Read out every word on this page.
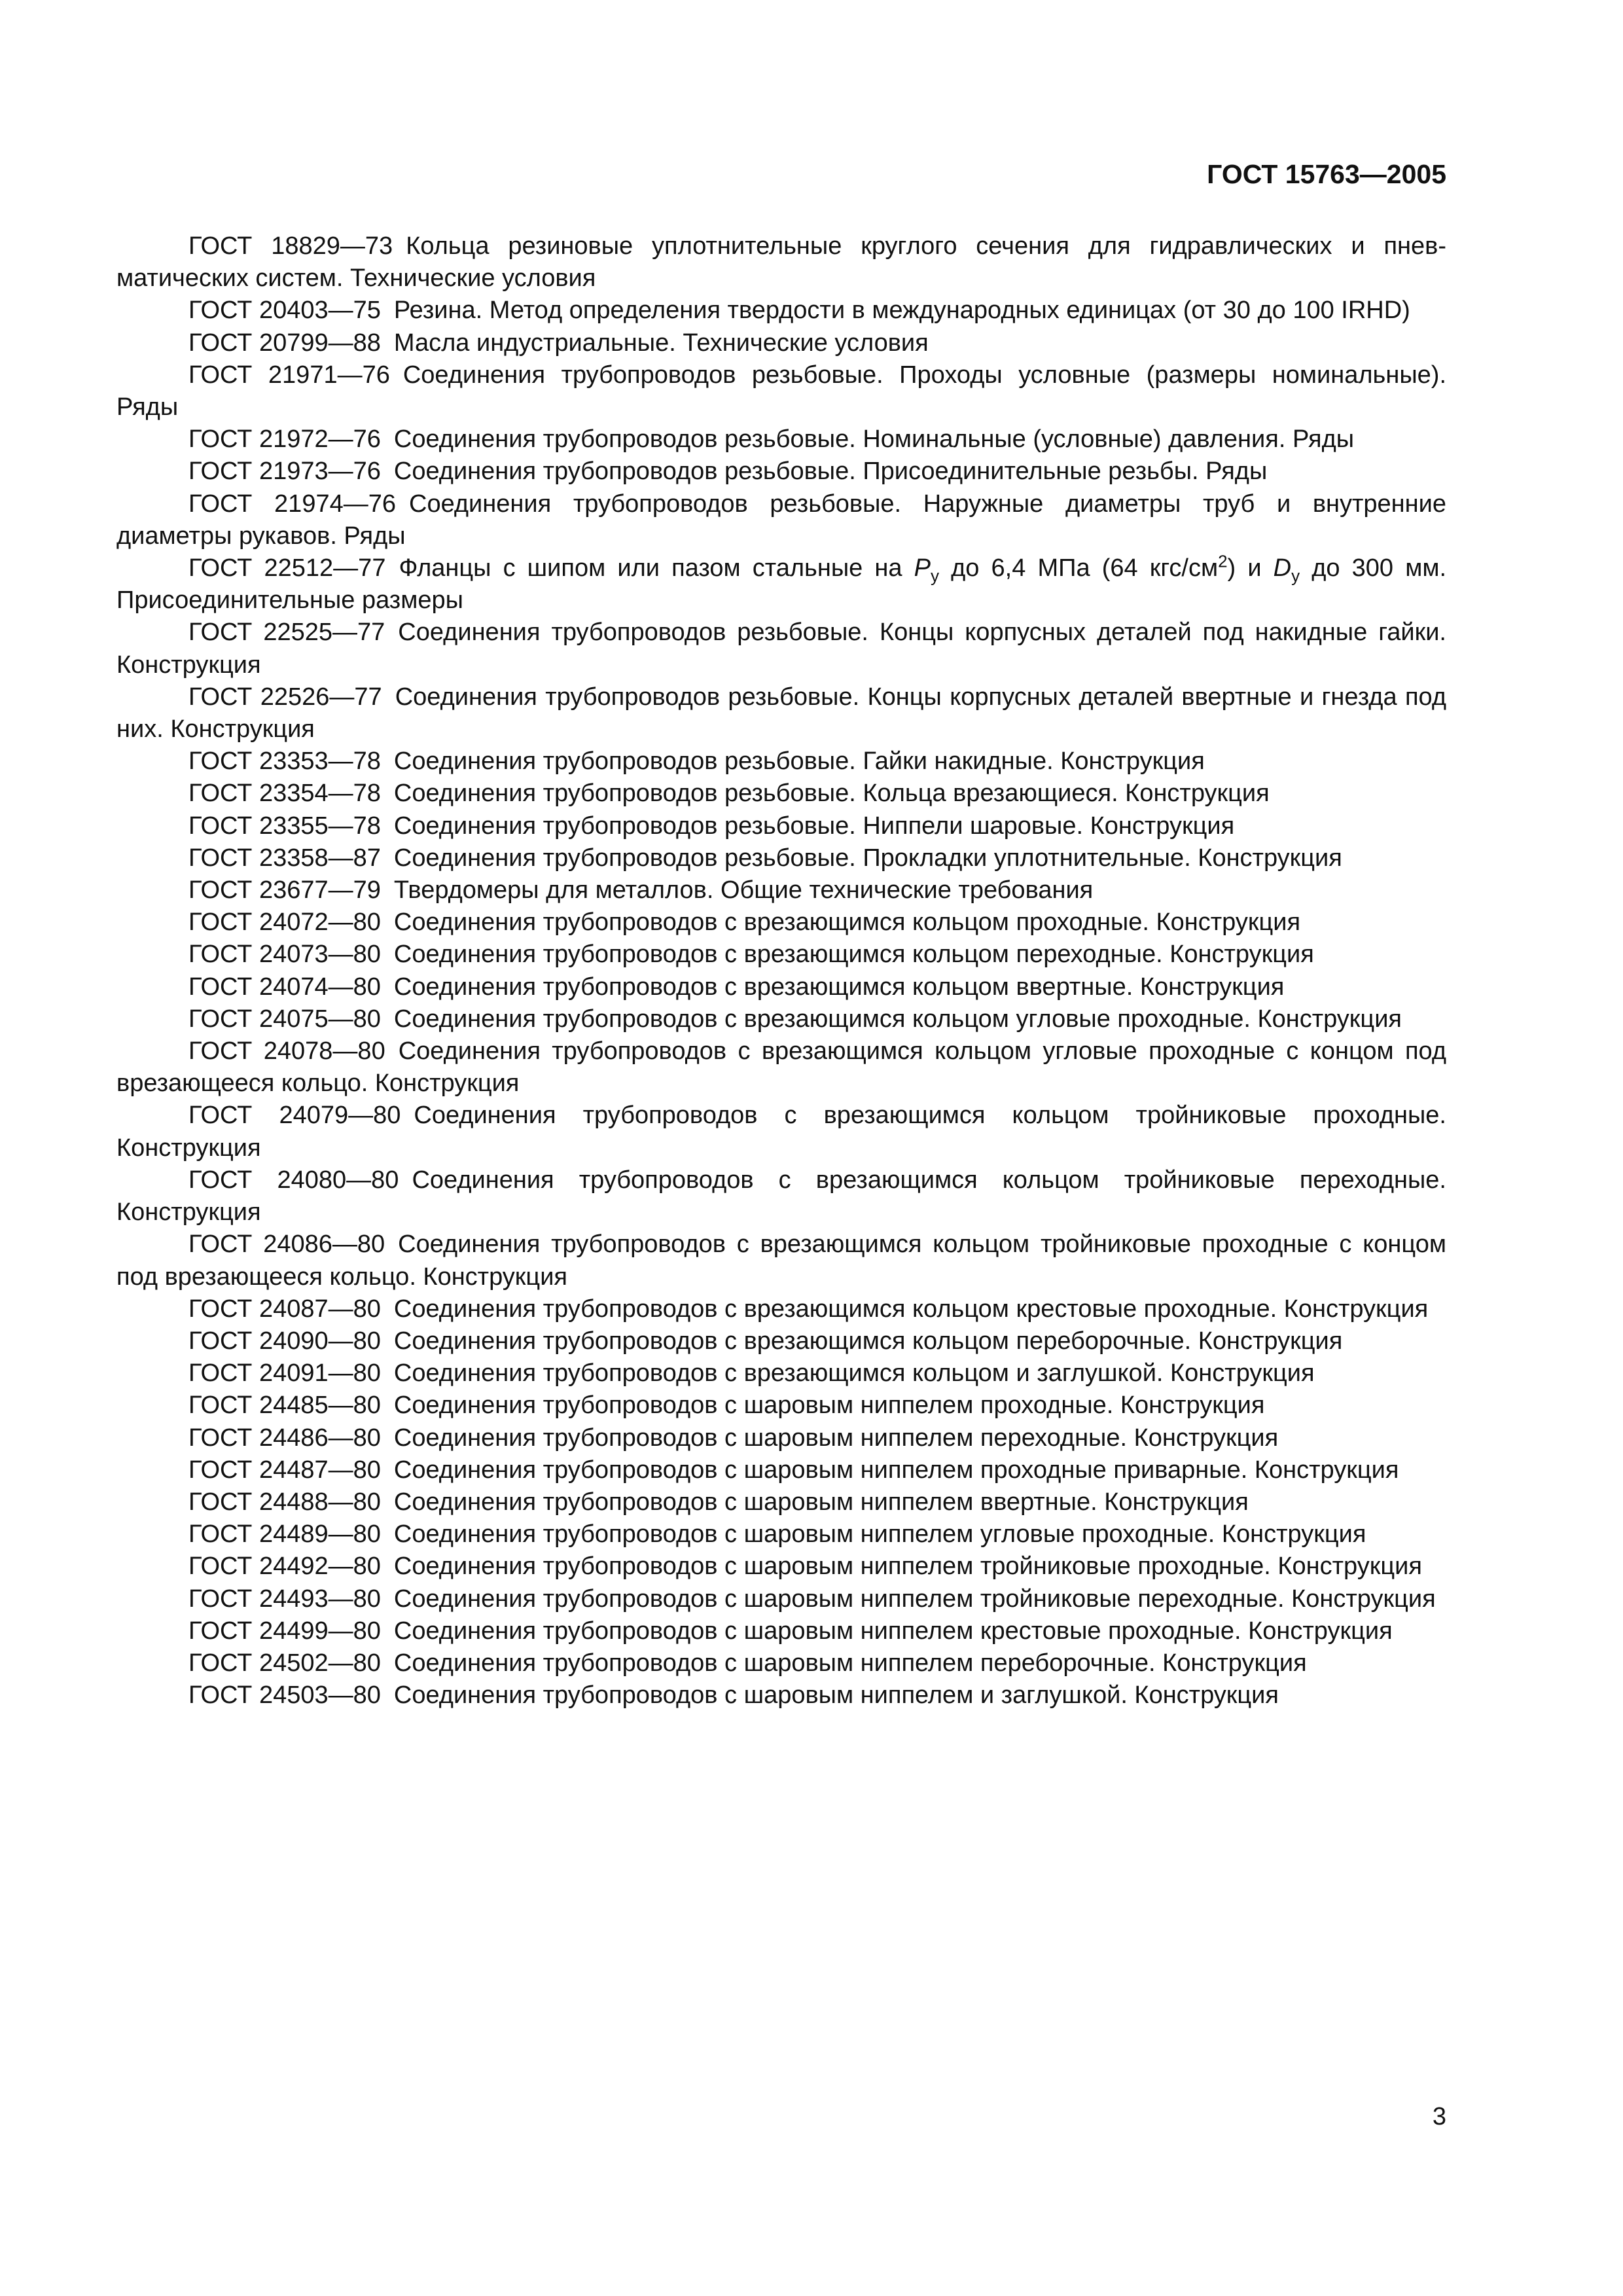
ГОСТ 15763—2005

ГОСТ 18829—73 Кольца резиновые уплотнительные круглого сечения для гидравлических и пневматических систем. Технические условия

ГОСТ 20403—75 Резина. Метод определения твердости в международных единицах (от 30 до 100 IRHD)

ГОСТ 20799—88 Масла индустриальные. Технические условия

ГОСТ 21971—76 Соединения трубопроводов резьбовые. Проходы условные (размеры номинальные). Ряды

ГОСТ 21972—76 Соединения трубопроводов резьбовые. Номинальные (условные) давления. Ряды

ГОСТ 21973—76 Соединения трубопроводов резьбовые. Присоединительные резьбы. Ряды

ГОСТ 21974—76 Соединения трубопроводов резьбовые. Наружные диаметры труб и внутренние диаметры рукавов. Ряды

ГОСТ 22512—77 Фланцы с шипом или пазом стальные на $P_y$ до 6,4 МПа (64 кгс/$см^2$) и $D_y$ до 300 мм. Присоединительные размеры

ГОСТ 22525—77 Соединения трубопроводов резьбовые. Концы корпусных деталей под накидные гайки. Конструкция

ГОСТ 22526—77 Соединения трубопроводов резьбовые. Концы корпусных деталей ввертные и гнезда под них. Конструкция

ГОСТ 23353—78 Соединения трубопроводов резьбовые. Гайки накидные. Конструкция

ГОСТ 23354—78 Соединения трубопроводов резьбовые. Кольца врезающиеся. Конструкция

ГОСТ 23355—78 Соединения трубопроводов резьбовые. Ниппели шаровые. Конструкция

ГОСТ 23358—87 Соединения трубопроводов резьбовые. Прокладки уплотнительные. Конструкция

ГОСТ 23677—79 Твердомеры для металлов. Общие технические требования

ГОСТ 24072—80 Соединения трубопроводов с врезающимся кольцом проходные. Конструкция

ГОСТ 24073—80 Соединения трубопроводов с врезающимся кольцом переходные. Конструкция

ГОСТ 24074—80 Соединения трубопроводов с врезающимся кольцом ввертные. Конструкция

ГОСТ 24075—80 Соединения трубопроводов с врезающимся кольцом угловые проходные. Конструкция

ГОСТ 24078—80 Соединения трубопроводов с врезающимся кольцом угловые проходные с концом под врезающееся кольцо. Конструкция

ГОСТ 24079—80 Соединения трубопроводов с врезающимся кольцом тройниковые проходные. Конструкция

ГОСТ 24080—80 Соединения трубопроводов с врезающимся кольцом тройниковые переходные. Конструкция

ГОСТ 24086—80 Соединения трубопроводов с врезающимся кольцом тройниковые проходные с концом под врезающееся кольцо. Конструкция

ГОСТ 24087—80 Соединения трубопроводов с врезающимся кольцом крестовые проходные. Конструкция

ГОСТ 24090—80 Соединения трубопроводов с врезающимся кольцом переборочные. Конструкция

ГОСТ 24091—80 Соединения трубопроводов с врезающимся кольцом и заглушкой. Конструкция

ГОСТ 24485—80 Соединения трубопроводов с шаровым ниппелем проходные. Конструкция

ГОСТ 24486—80 Соединения трубопроводов с шаровым ниппелем переходные. Конструкция

ГОСТ 24487—80 Соединения трубопроводов с шаровым ниппелем проходные приварные. Конструкция

ГОСТ 24488—80 Соединения трубопроводов с шаровым ниппелем ввертные. Конструкция

ГОСТ 24489—80 Соединения трубопроводов с шаровым ниппелем угловые проходные. Конструкция

ГОСТ 24492—80 Соединения трубопроводов с шаровым ниппелем тройниковые проходные. Конструкция

ГОСТ 24493—80 Соединения трубопроводов с шаровым ниппелем тройниковые переходные. Конструкция

ГОСТ 24499—80 Соединения трубопроводов с шаровым ниппелем крестовые проходные. Конструкция

ГОСТ 24502—80 Соединения трубопроводов с шаровым ниппелем переборочные. Конструкция

ГОСТ 24503—80 Соединения трубопроводов с шаровым ниппелем и заглушкой. Конструкция

3
